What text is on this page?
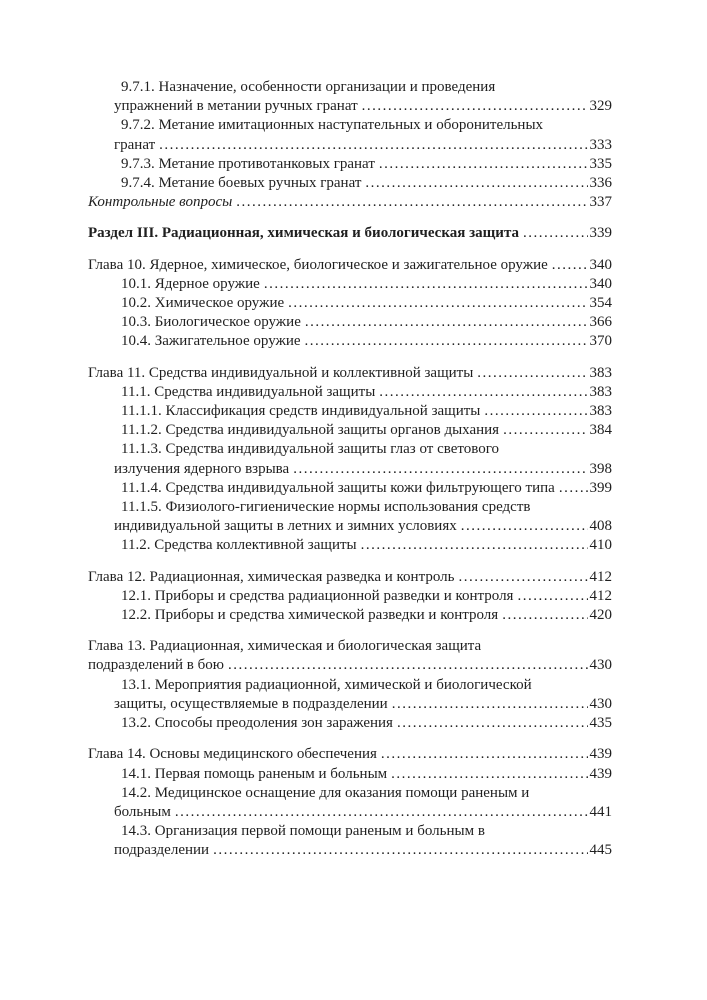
9.7.1. Назначение, особенности организации и проведения
упражнений в метании ручных гранат .....	329
9.7.2. Метание имитационных наступательных и оборонительных
гранат .....	333
9.7.3. Метание противотанковых гранат .....	335
9.7.4. Метание боевых ручных гранат .....	336
Контрольные вопросы .....	337
Раздел III. Радиационная, химическая и биологическая защита .....	339
Глава 10. Ядерное, химическое, биологическое и зажигательное оружие .....	340
10.1. Ядерное оружие .....	340
10.2. Химическое оружие .....	354
10.3. Биологическое оружие .....	366
10.4. Зажигательное оружие .....	370
Глава 11. Средства индивидуальной и коллективной защиты .....	383
11.1. Средства индивидуальной защиты .....	383
11.1.1. Классификация средств индивидуальной защиты .....	383
11.1.2. Средства индивидуальной защиты органов дыхания .....	384
11.1.3. Средства индивидуальной защиты глаз от светового
излучения ядерного взрыва .....	398
11.1.4. Средства индивидуальной защиты кожи фильтрующего типа ..... 399
11.1.5. Физиолого-гигиенические нормы использования средств
индивидуальной защиты в летних и зимних условиях .....	408
11.2. Средства коллективной защиты .....	410
Глава 12. Радиационная, химическая разведка и контроль .....	412
12.1. Приборы и средства радиационной разведки и контроля .....	412
12.2. Приборы и средства химической разведки и контроля .....	420
Глава 13. Радиационная, химическая и биологическая защита
подразделений в бою .....	430
13.1. Мероприятия радиационной, химической и биологической
защиты, осуществляемые в подразделении .....	430
13.2. Способы преодоления зон заражения .....	435
Глава 14. Основы медицинского обеспечения .....	439
14.1. Первая помощь раненым и больным .....	439
14.2. Медицинское оснащение для оказания помощи раненым и
больным .....	441
14.3. Организация первой помощи раненым и больным в
подразделении .....	445
